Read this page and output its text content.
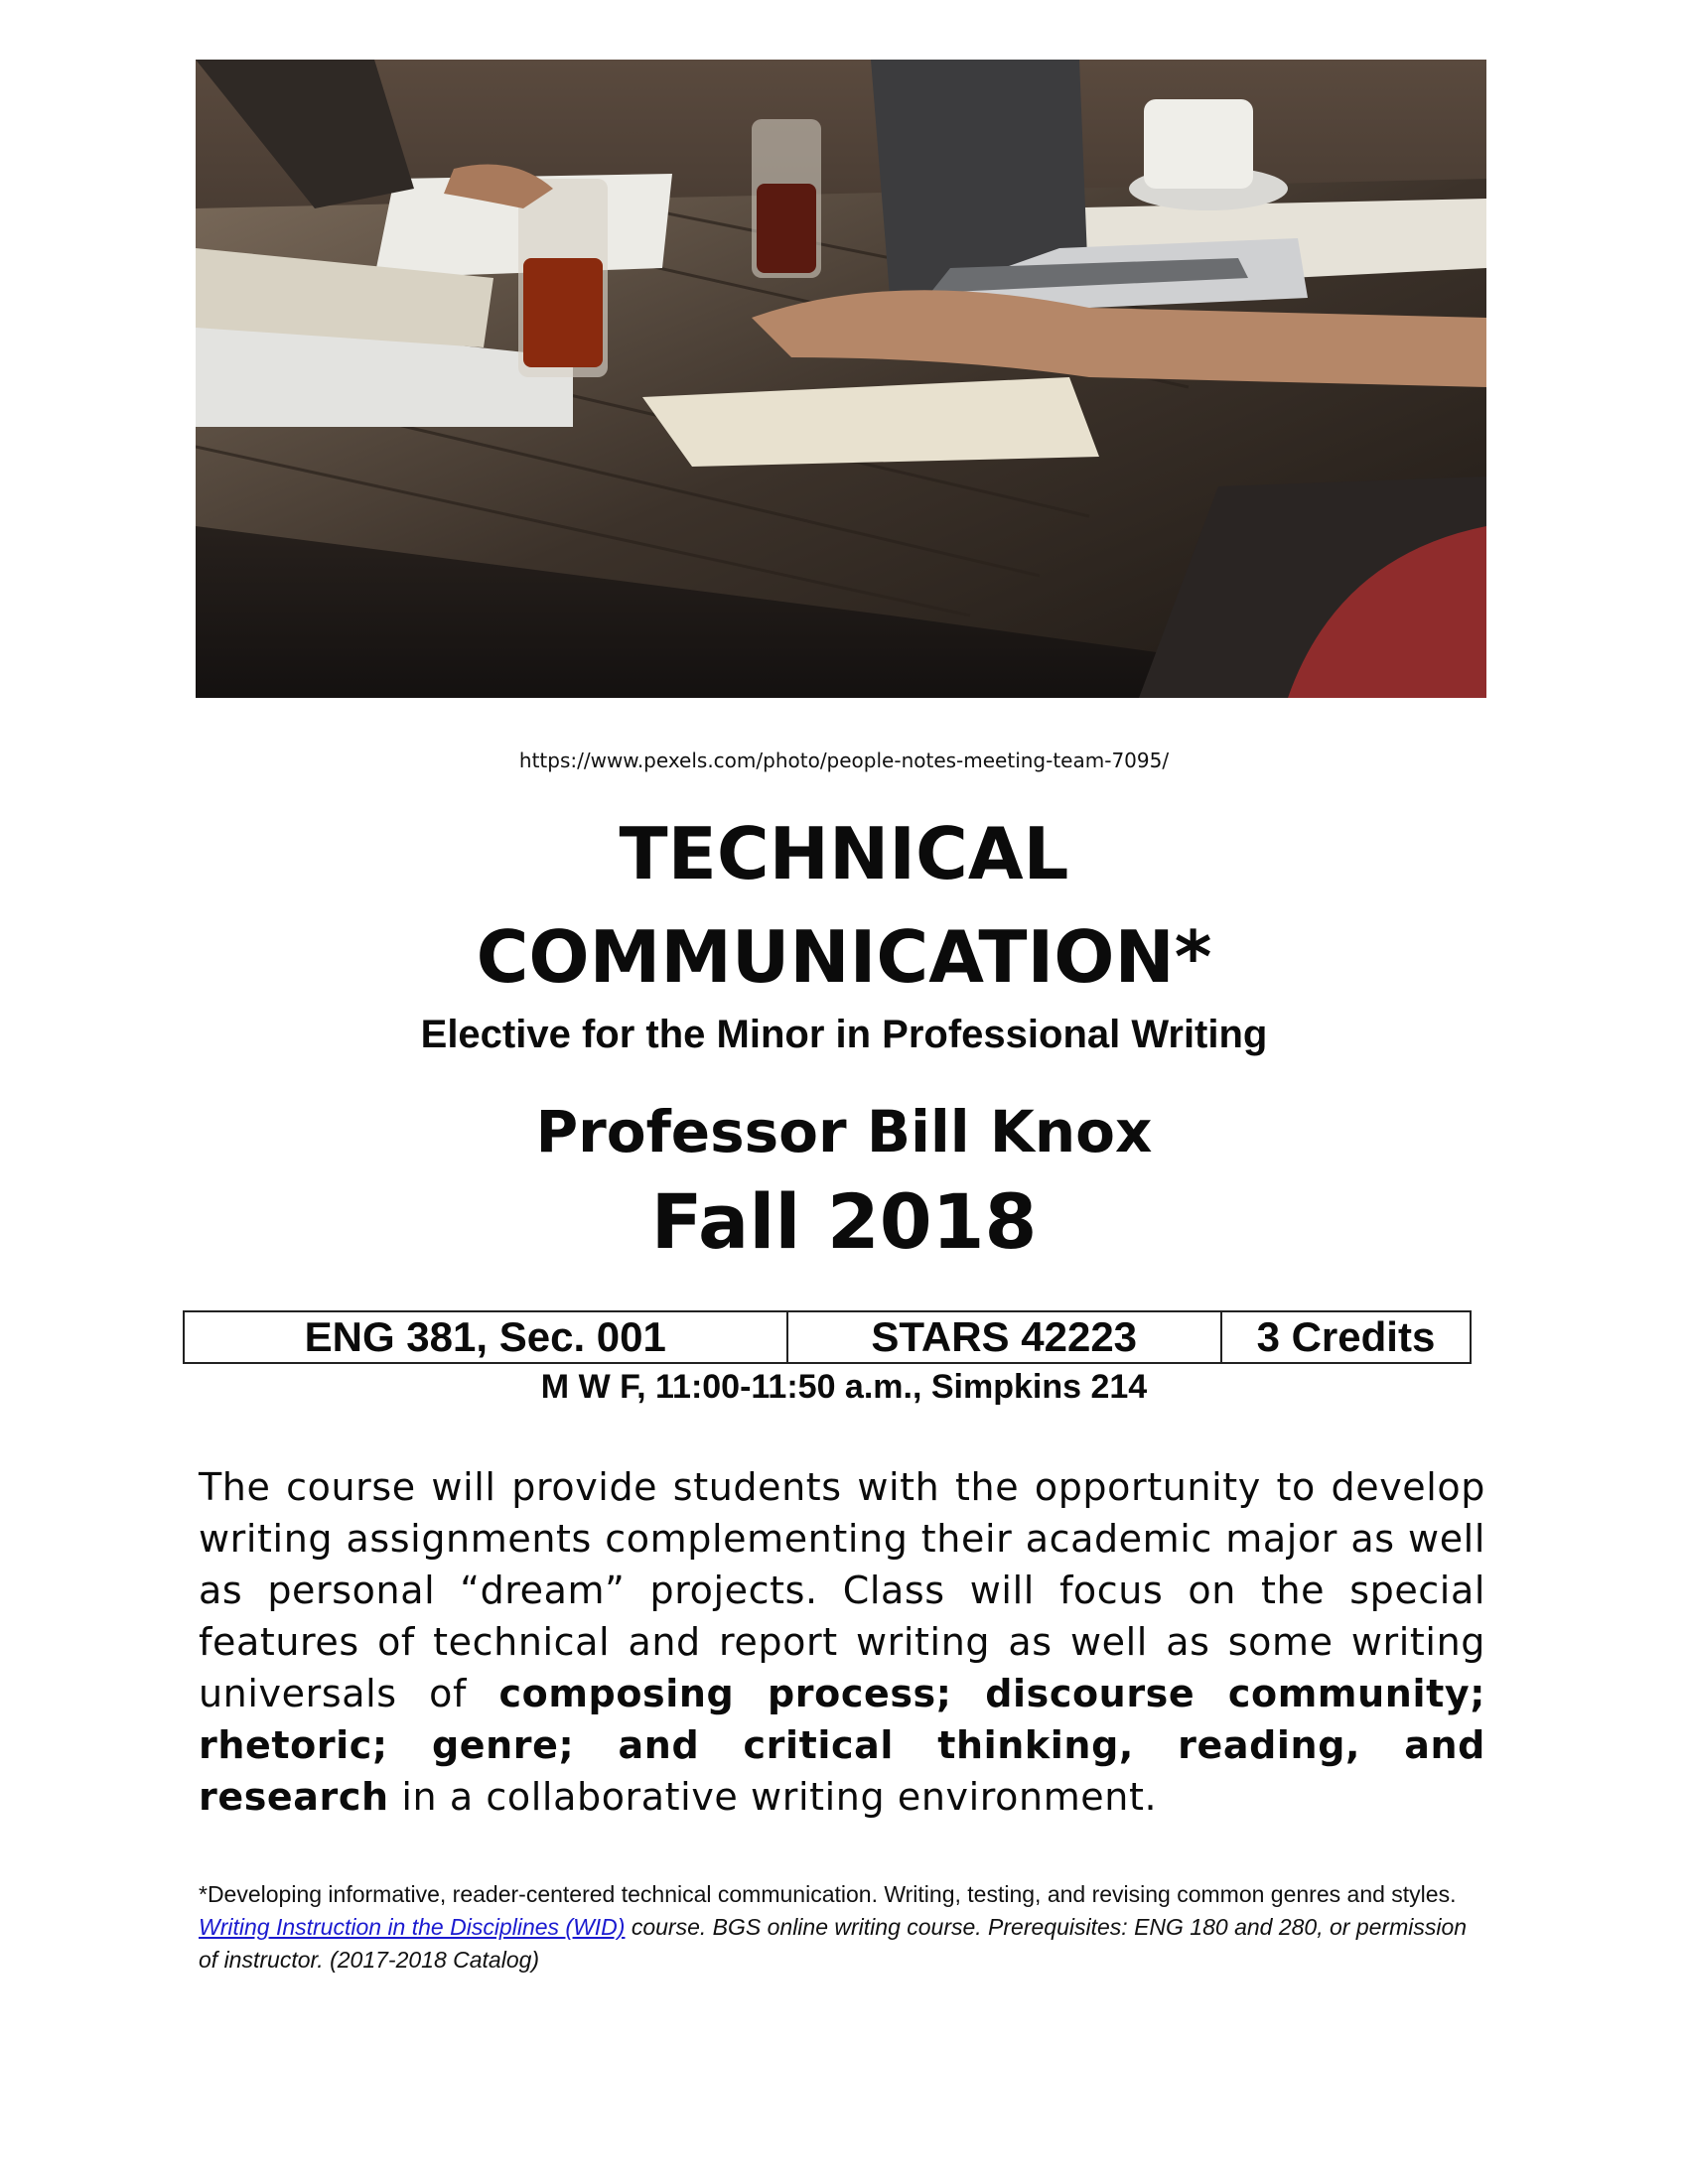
https://www.pexels.com/photo/people-notes-meeting-team-7095/
TECHNICAL
COMMUNICATION*
Elective for the Minor in Professional Writing
Professor Bill Knox
Fall 2018
ENG 381, Sec. 001	STARS 42223	3 Credits
M W F, 11:00-11:50 a.m., Simpkins 214
The course will provide students with the opportunity to develop writing assignments complementing their academic major as well as personal “dream” projects. Class will focus on the special features of technical and report writing as well as some writing universals of composing process; discourse community; rhetoric; genre; and critical thinking, reading, and research in a collaborative writing environment.
*Developing informative, reader-centered technical communication. Writing, testing, and revising common genres and styles. Writing Instruction in the Disciplines (WID) course. BGS online writing course. Prerequisites: ENG 180 and 280, or permission of instructor. (2017-2018 Catalog)
